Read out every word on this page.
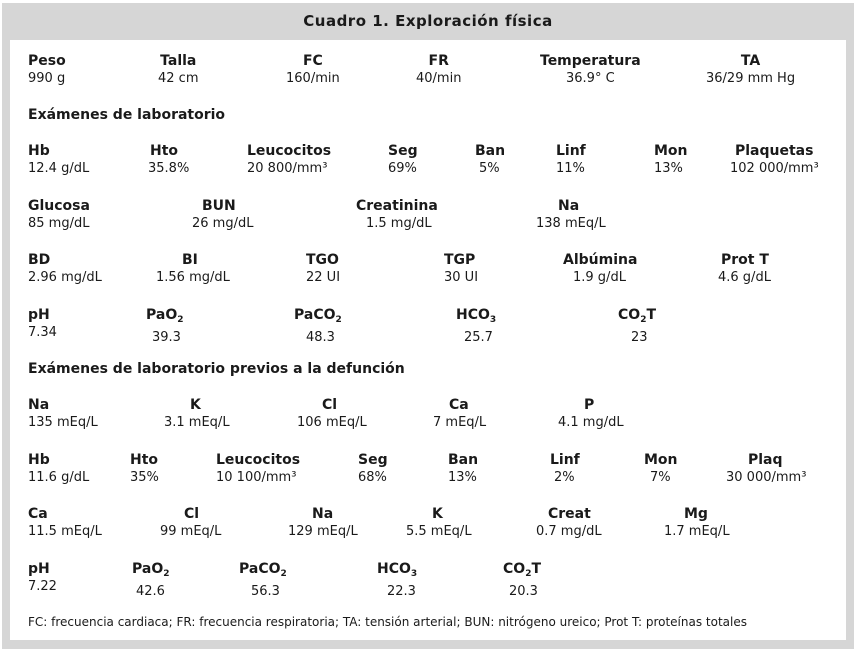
Cuadro 1. Exploración física
Peso
990 g
Talla
42 cm
FC
160/min
FR
40/min
Temperatura
36.9° C
TA
36/29 mm Hg
Exámenes de laboratorio
Hb
12.4 g/dL
Hto
35.8%
Leucocitos
20 800/mm³
Seg
69%
Ban
5%
Linf
11%
Mon
13%
Plaquetas
102 000/mm³
Glucosa
85 mg/dL
BUN
26 mg/dL
Creatinina
1.5 mg/dL
Na
138 mEq/L
BD
2.96 mg/dL
BI
1.56 mg/dL
TGO
22 UI
TGP
30 UI
Albúmina
1.9 g/dL
Prot T
4.6 g/dL
pH
7.34
PaO$_2$
39.3
PaCO$_2$
48.3
$HCO_3$
25.7
$CO_2T$
23
Exámenes de laboratorio previos a la defunción
Na
135 mEq/L
K
3.1 mEq/L
Cl
106 mEq/L
Ca
7 mEq/L
P
4.1 mg/dL
Hb
11.6 g/dL
Hto
35%
Leucocitos
10 100/mm³
Seg
68%
Ban
13%
Linf
2%
Mon
7%
Plaq
30 000/mm³
Ca
11.5 mEq/L
Cl
99 mEq/L
Na
129 mEq/L
K
5.5 mEq/L
Creat
0.7 mg/dL
Mg
1.7 mEq/L
pH
7.22
PaO$_2$
42.6
PaCO$_2$
56.3
$HCO_3$
22.3
$CO_2T$
20.3
FC: frecuencia cardiaca; FR: frecuencia respiratoria; TA: tensión arterial; BUN: nitrógeno ureico; Prot T: proteínas totales
